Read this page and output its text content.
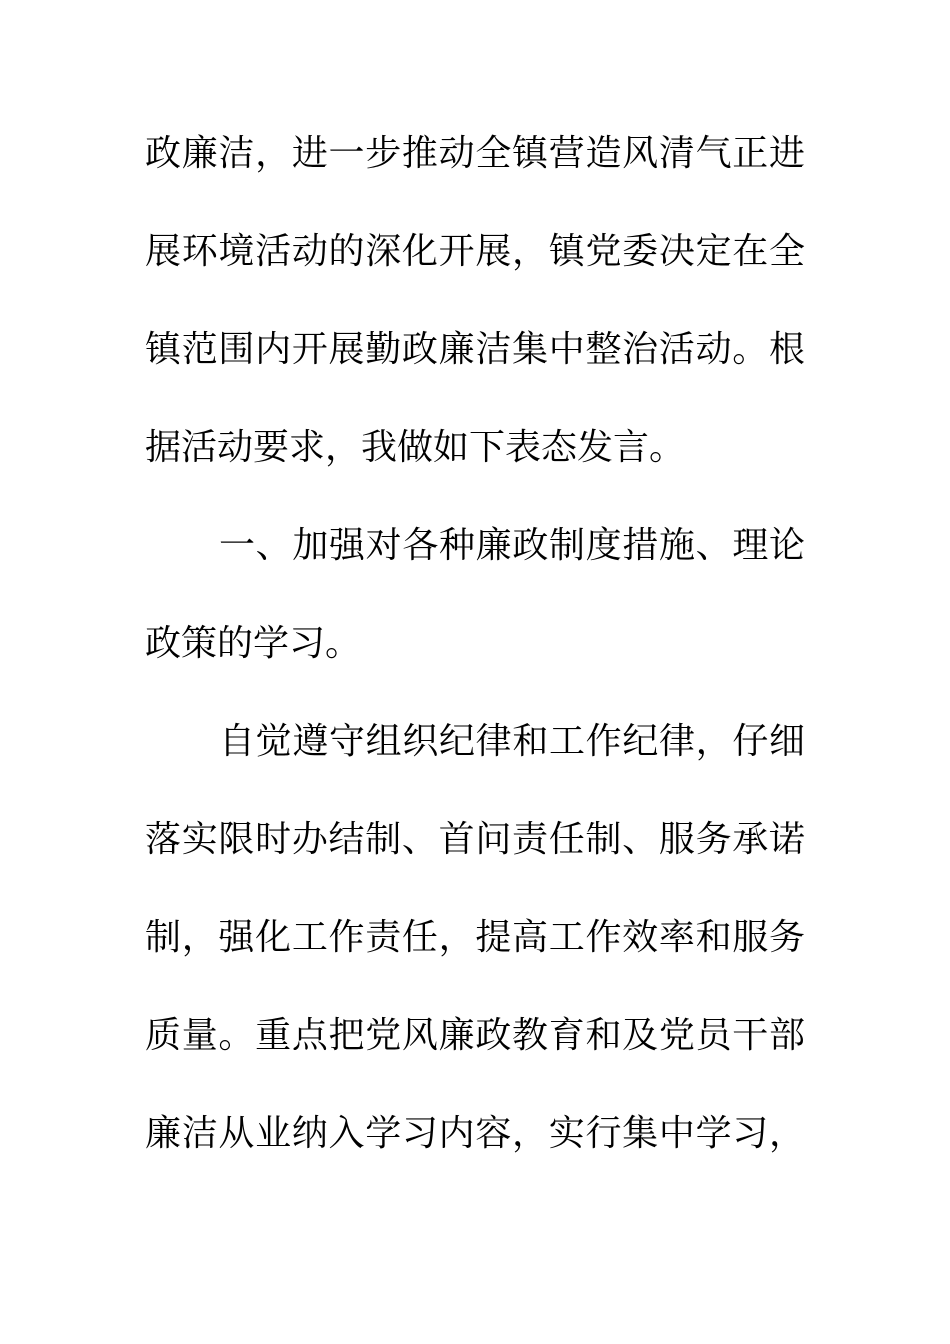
政廉洁，进一步推动全镇营造风清气正进
展环境活动的深化开展，镇党委决定在全
镇范围内开展勤政廉洁集中整治活动。根
据活动要求，我做如下表态发言。
一、加强对各种廉政制度措施、理论
政策的学习。
自觉遵守组织纪律和工作纪律，仔细
落实限时办结制、首问责任制、服务承诺
制，强化工作责任，提高工作效率和服务
质量。重点把党风廉政教育和及党员干部
廉洁从业纳入学习内容，实行集中学习，
